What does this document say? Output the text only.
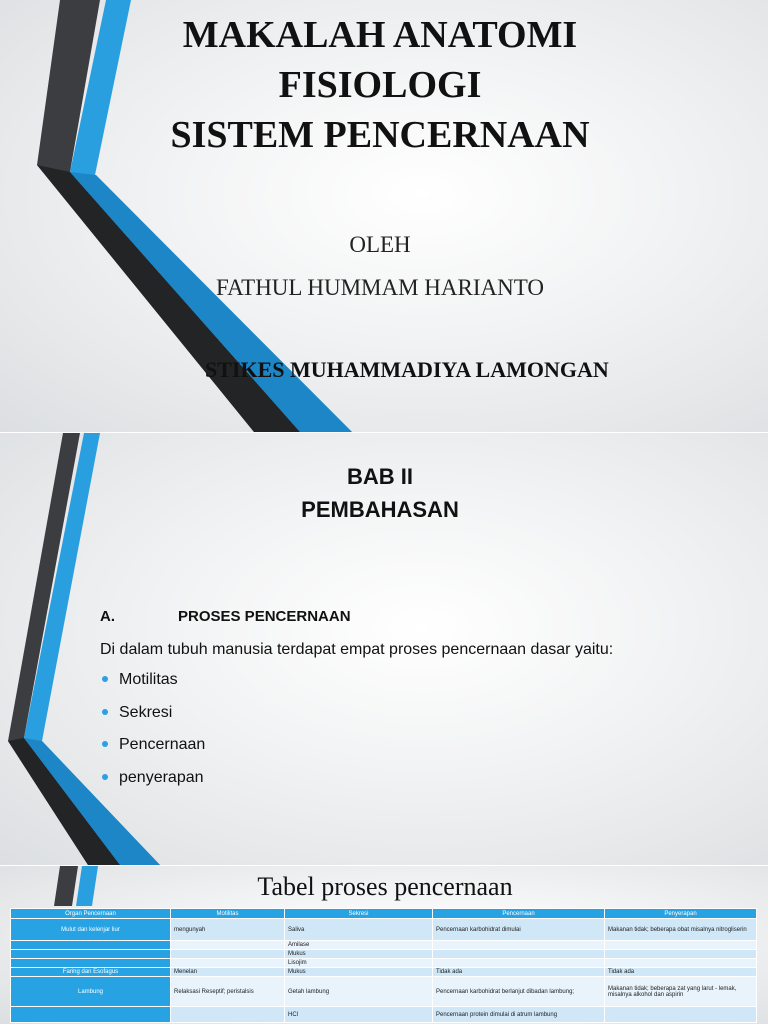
MAKALAH ANATOMI
FISIOLOGI
SISTEM PENCERNAAN
OLEH
FATHUL HUMMAM HARIANTO
STIKES MUHAMMADIYA LAMONGAN
BAB II
PEMBAHASAN
A.	PROSES PENCERNAAN
Di dalam tubuh manusia terdapat empat proses pencernaan dasar yaitu:
Motilitas
Sekresi
Pencernaan
penyerapan
Tabel proses pencernaan
Organ Pencernaan	Motilitas	Sekresi	Pencernaan	Penyerapan
Mulut dan kelenjar liur	mengunyah	Saliva	Pencernaan karbohidrat dimulai	Makanan tidak; beberapa obat misalnya nitrogliserin
		Amilase		
		Mukus		
		Lisojim		
Faring dan Esofagus	Menelan	Mukus	Tidak ada	Tidak ada
Lambung	Relaksasi Reseptif; peristalsis	Getah lambung	Pencernaan karbohidrat berlanjut dibadan lambung;	Makanan tidak; beberapa zat yang larut - lemak, misalnya alkohol dan aspirin
		HCl	Pencernaan protein dimulai di atrum lambung	
